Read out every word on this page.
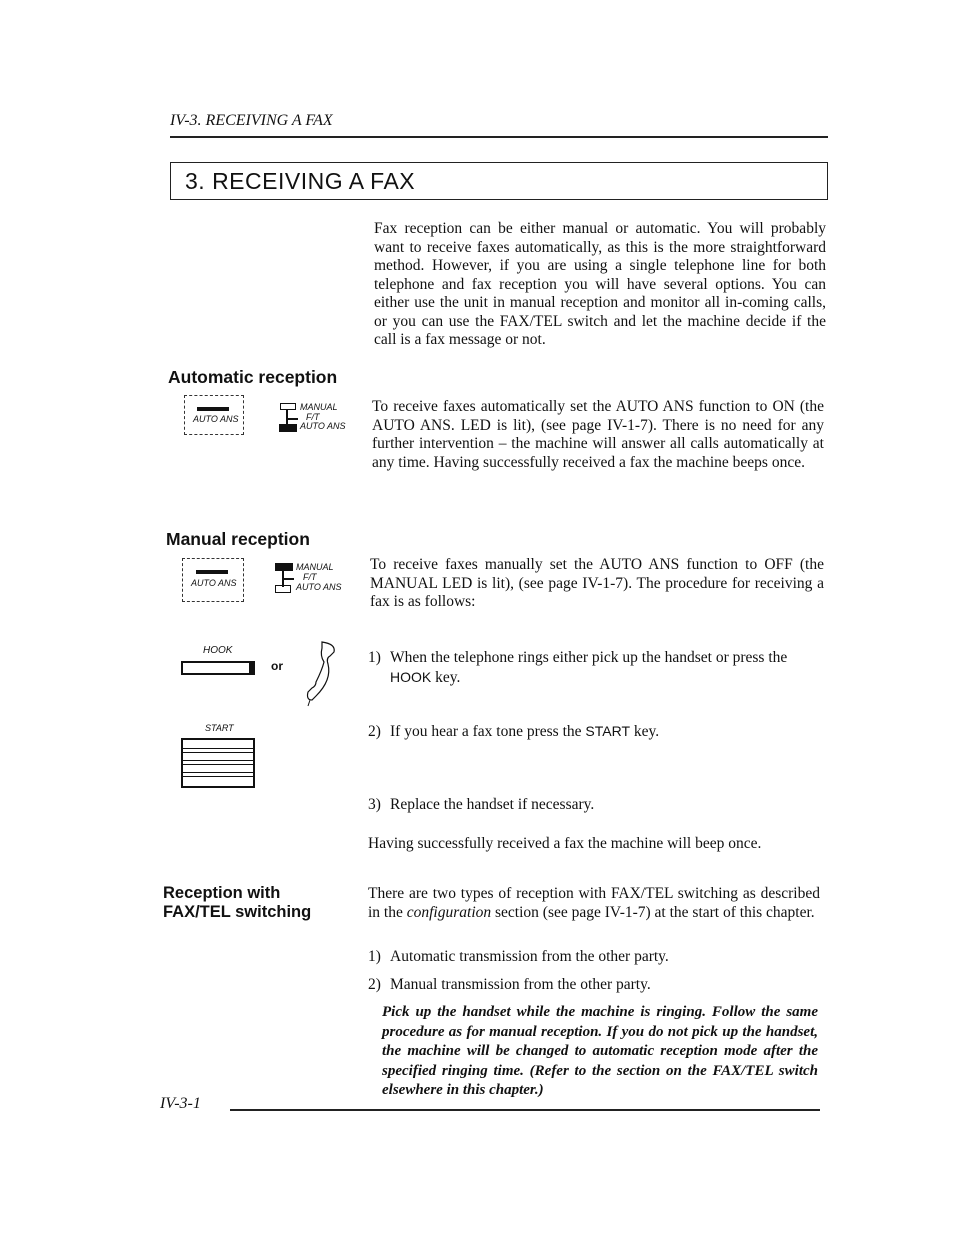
IV-3. RECEIVING A FAX
3. RECEIVING A FAX
Fax reception can be either manual or automatic. You will probably want to receive faxes automatically, as this is the more straightforward method. However, if you are using a single telephone line for both telephone and fax reception you will have several options. You can either use the unit in manual reception and monitor all in-coming calls, or you can use the FAX/TEL switch and let the machine decide if the call is a fax message or not.
Automatic reception
AUTO ANS
MANUAL
F/T
AUTO ANS
To receive faxes automatically set the AUTO ANS function to ON (the AUTO ANS. LED is lit), (see page IV-1-7). There is no need for any further intervention – the machine will answer all calls automatically at any time. Having successfully received a fax the machine beeps once.
Manual reception
AUTO ANS
MANUAL
F/T
AUTO ANS
To receive faxes manually set the AUTO ANS function to OFF (the MANUAL LED is lit), (see page IV-1-7). The procedure for receiving a fax is as follows:
HOOK
or
START
1) When the telephone rings either pick up the handset or press the
HOOK key.
2) If you hear a fax tone press the START key.
3) Replace the handset if necessary.
Having successfully received a fax the machine will beep once.
Reception with
FAX/TEL switching
There are two types of reception with FAX/TEL switching as described in the configuration section (see page IV-1-7) at the start of this chapter.
1) Automatic transmission from the other party.
2) Manual transmission from the other party.
Pick up the handset while the machine is ringing. Follow the same procedure as for manual reception. If you do not pick up the handset, the machine will be changed to automatic reception mode after the specified ringing time. (Refer to the section on the FAX/TEL switch elsewhere in this chapter.)
IV-3-1
